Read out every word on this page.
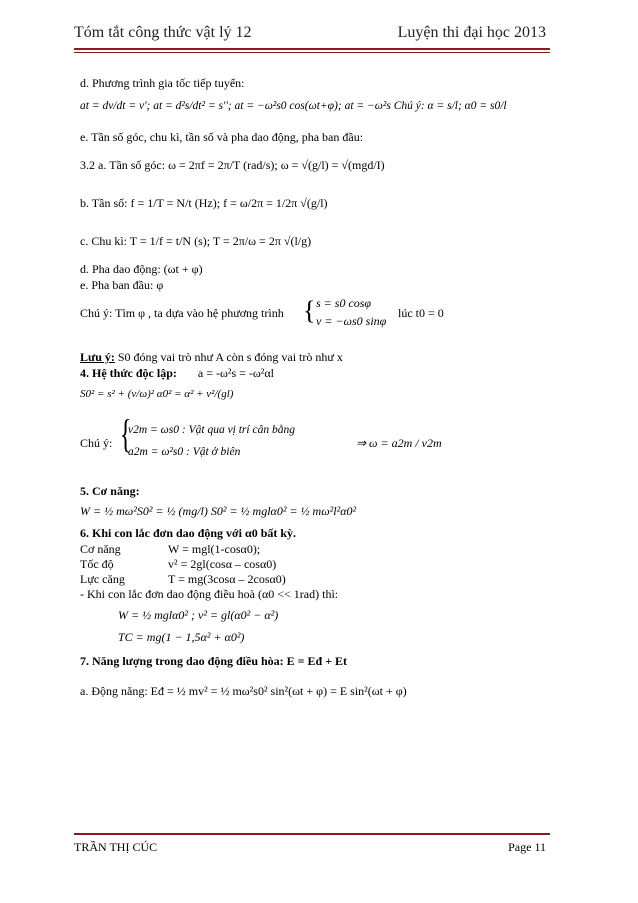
Tóm tắt công thức vật lý 12	Luyện thi đại học 2013
d. Phương trình gia tốc tiếp tuyến:
at = dv/dt = v'; at = d²s/dt² = s''; at = −ω²s0 cos(ωt+φ); at = −ω²s Chú ý: α = s/l; α0 = s0/l
e. Tần số góc, chu kì, tần số và pha dao động, pha ban đầu:
3.2 a. Tần số góc: ω = 2πf = 2π/T (rad/s); ω = √(g/l) = √(mgd/I)
b. Tần số: f = 1/T = N/t (Hz); f = ω/2π = 1/2π √(g/l)
c. Chu kì: T = 1/f = t/N (s); T = 2π/ω = 2π √(l/g)
d. Pha dao động: (ωt + φ)
e. Pha ban đầu: φ
Chú ý: Tìm φ , ta dựa vào hệ phương trình { s = s0 cosφ
v = −ωs0 sinφ
lúc t0 = 0
Lưu ý: S0 đóng vai trò như A còn s đóng vai trò như x
4. Hệ thức độc lập: a = -ω²s = -ω²αl
S0² = s² + (v/ω)² α0² = α² + v²/(gl)
Chú ý: {
v2m = ωs0 : Vật qua vị trí cân bằng
a2m = ω²s0 : Vật ở biên
⇒ ω = a2m / v2m
5. Cơ năng:
W = ½ mω²S0² = ½ (mg/l) S0² = ½ mglα0² = ½ mω²l²α0²
6. Khi con lắc đơn dao động với α0 bất kỳ.
Cơ năng	W = mgl(1-cosα0);
Tốc độ	v² = 2gl(cosα – cosα0)
Lực căng	T = mg(3cosα – 2cosα0)
- Khi con lắc đơn dao động điều hoà (α0 << 1rad) thì:
W = ½ mglα0² ; v² = gl(α0² − α²)
TC = mg(1 − 1,5α² + α0²)
7. Năng lượng trong dao động điều hòa: E = Eđ + Et
a. Động năng: Eđ = ½ mv² = ½ mω²s0² sin²(ωt + φ) = E sin²(ωt + φ)
TRẦN THỊ CÚC	Page 11
